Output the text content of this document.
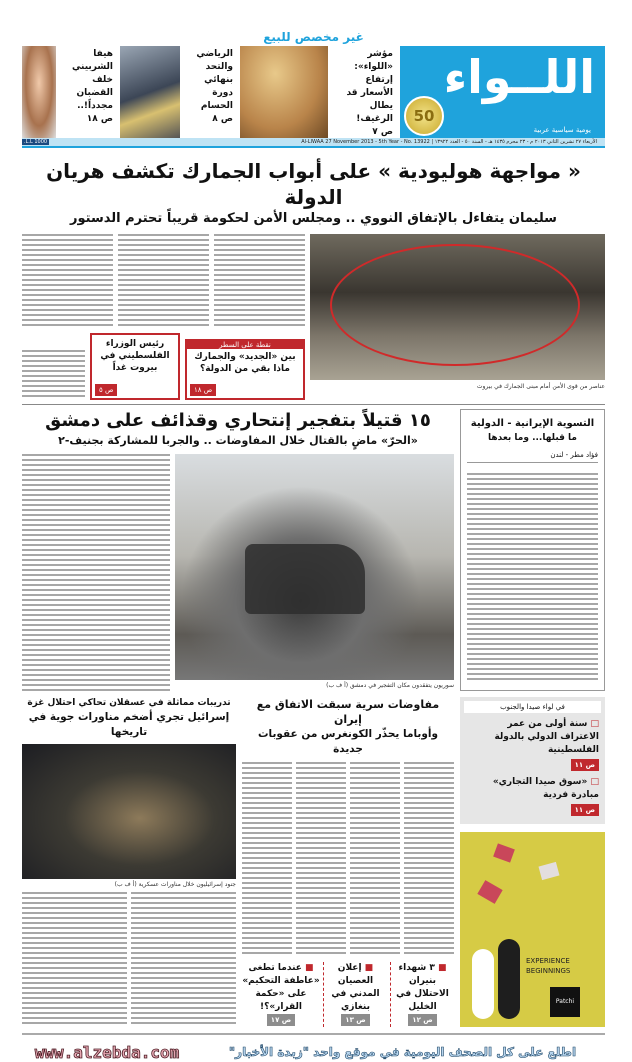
غير مخصص للبيع
اللــواء
يومية سياسية عربية
50
مؤشر «اللواء»: إرتفاع الأسعار قد يطال الرغيف!
ص ٧
الرياضي والتحد بنهائي دورة الحسام
ص ٨
هيفا الشربيني خلف القضبان مجدداً!..
ص ١٨
الأربعاء ٢٧ تشرين الثاني ٢٠١٣ م - ٢٣ محرم ١٤٣٥ هـ - السنة ٥٠ - العدد ١٣٩٢٢ | Al-LIWAA 27 November 2013 - 5th Year - No. 13922
1000 L.L.
« مواجهة هوليودية » على أبواب الجمارك تكشف هريان الدولة
سليمان يتفاءل بالإتفاق النووي .. ومجلس الأمن لحكومة قريباً تحترم الدستور
عناصر من قوى الأمن أمام مبنى الجمارك في بيروت
نقطة على السطر
بين «الجديد» والجمارك ماذا بقي من الدولة؟
ص ١٨
رئيس الوزراء الفلسطيني في بيروت غداً
ص ٥
التسوية الإيرانية - الدولية
ما قبلها... وما بعدها
فؤاد مطر - لندن
١٥ قتيلاً بتفجير إنتحاري وقذائف على دمشق
«الحرّ» ماضٍ بالقتال خلال المفاوضات .. والجربا للمشاركة بجنيف-٢
سوريون يتفقدون مكان التفجير في دمشق (أ ف ب)
في لواء صيدا والجنوب
□ سنة أولى من عمر الاعتراف الدولي بالدولة الفلسطينية
ص ١١
□ «سوق صيدا التجاري» مبادرة فردية
ص ١١
EXPERIENCE
BEGINNINGS
Patchi
مفاوضات سرية سبقت الاتفاق مع إيران
وأوباما يحذّر الكونغرس من عقوبات جديدة
■ ٣ شهداء بنيران الاحتلال في الخليل
ص ١٢
■ إعلان العصيان المدني في بنغازي
ص ١٣
■ عندما تطغى «عاطفة التحكيم» على «حكمة القرار»؟!
ص ١٧
تدريبات مماثلة في عسقلان تحاكي احتلال غزة
إسرائيل تجري أضخم مناورات جوية في تاريخها
جنود إسرائيليون خلال مناورات عسكرية (أ ف ب)
اطلع على كل الصحف اليومية في موقع واحد "زبدة الأخبار"
www.alzebda.com
